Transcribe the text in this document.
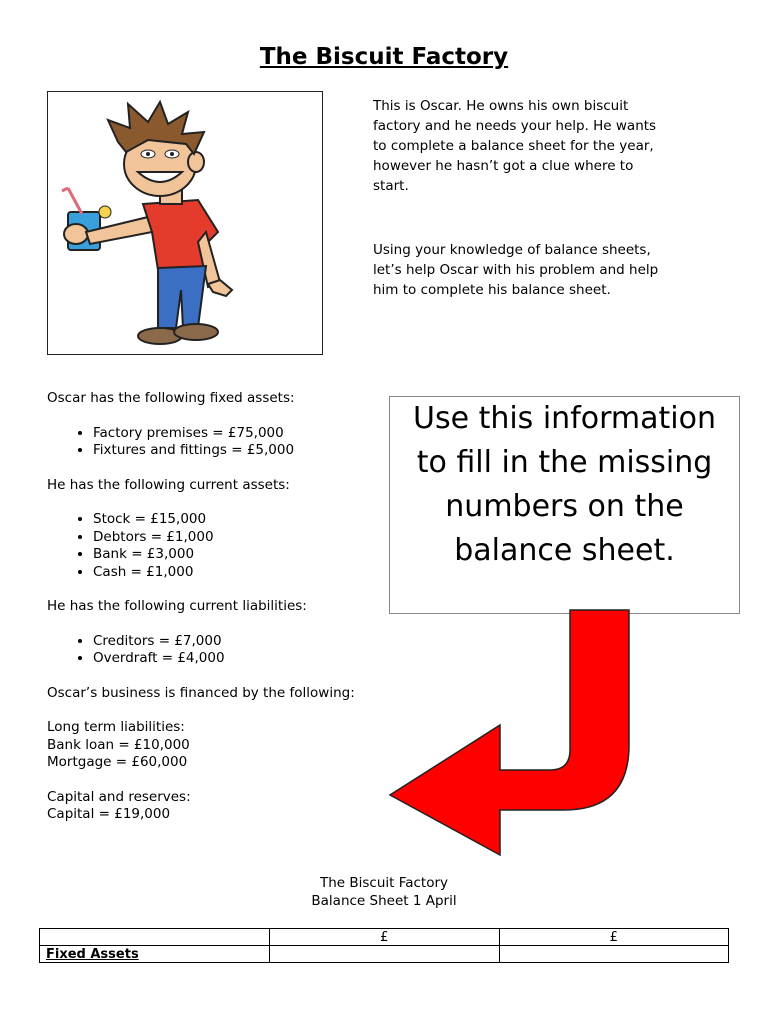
The Biscuit Factory
This is Oscar. He owns his own biscuit factory and he needs your help. He wants to complete a balance sheet for the year, however he hasn’t got a clue where to start.
Using your knowledge of balance sheets, let’s help Oscar with his problem and help him to complete his balance sheet.

Oscar has the following fixed assets:

• Factory premises = £75,000
• Fixtures and fittings = £5,000

He has the following current assets:

• Stock = £15,000
• Debtors = £1,000
• Bank = £3,000
• Cash = £1,000

He has the following current liabilities:

• Creditors = £7,000
• Overdraft = £4,000

Oscar’s business is financed by the following:

Long term liabilities:

Bank loan = £10,000

Mortgage = £60,000

Capital and reserves:

Capital = £19,000

Use this information
to fill in the missing
numbers on the
balance sheet.
The Biscuit Factory
Balance Sheet 1 April
	£	£
Fixed Assets		
